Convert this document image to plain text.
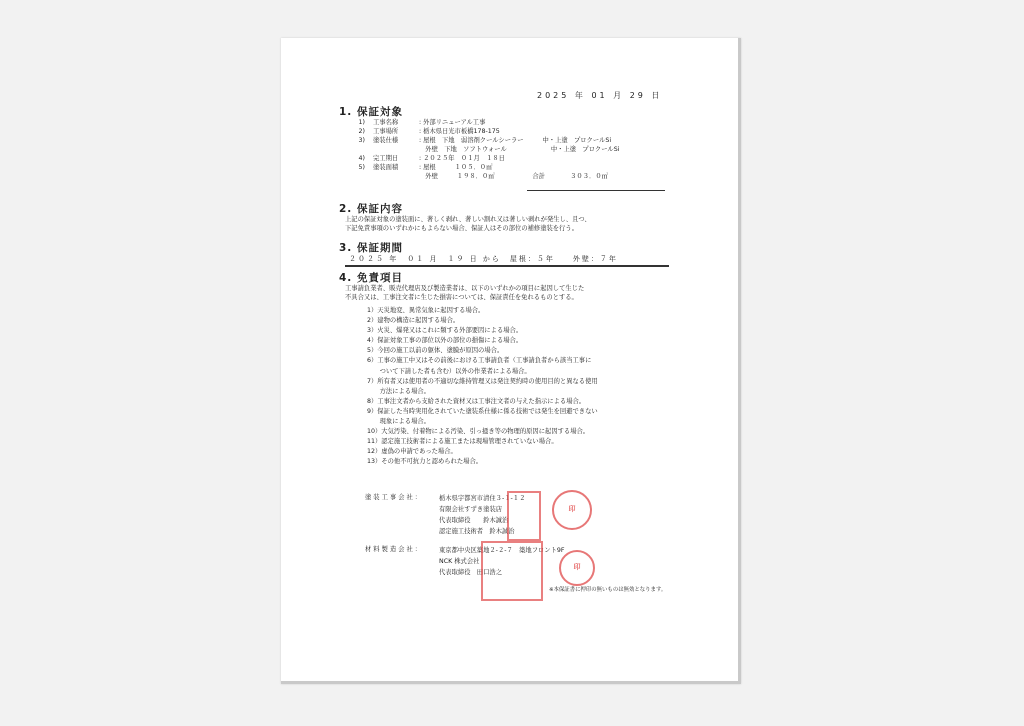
2025 年 01 月 29 日
1. 保証対象
1) 工事名称	: 外部リニューアル工事
2) 工事場所	: 栃木県日光市板橋178-175
3) 塗装仕様	: 屋根　下地　弱溶剤クールシーラー　　　中・上塗　プロクールSi
　外壁　下地　ソフトウォール　　　　　　　中・上塗　プロクールSi
4) 完工期日	: ２０２５年　０１月　１８日
5) 塗装面積	: 屋根　　　１０５．０㎡
　外壁　　　１９８．０㎡　　　　　　合計　　　　３０３．０㎡
2. 保証内容
上記の保証対象の塗装面に、著しく剥れ、著しい割れ又は著しい剥れが発生し、且つ、
下記免責事項のいずれかにもよらない場合、保証人はその部位の補修塗装を行う。
3. 保証期間
２０２５ 年　０１ 月　１９ 日 から　屋根：５年　　外壁：７年
4. 免責項目
工事請負業者、販売代理店及び製造業者は、以下のいずれかの項目に起因して生じた
不具合又は、工事注文者に生じた損害については、保証責任を免れるものとする。
1）天災地変、異常気象に起因する場合。
2）建物の構造に起因する場合。
3）火災、爆発又はこれに類する外部要因による場合。
4）保証対象工事の部位以外の部位の損傷による場合。
5）今回の施工以前の躯体、塗膜が原因の場合。
6）工事の施工中又はその前後における工事請負者（工事請負者から該当工事に
　　ついて下請した者も含む）以外の作業者による場合。
7）所有者又は使用者の不適切な維持管理又は発注契約時の使用目的と異なる使用
　　方法による場合。
8）工事注文者から支給された資材又は工事注文者の与えた指示による場合。
9）保証した当時実用化されていた塗装系仕様に係る技術では発生を回避できない
　　現象による場合。
10）大気汚染、付着物による汚染、引っ掻き等の物理的原因に起因する場合。
11）認定施工技術者による施工または現場管理されていない場合。
12）虚偽の申請であった場合。
13）その他不可抗力と認められた場合。
塗 装 工 事 会 社 ：	栃木県宇都宮市清住３-１-１２
有限会社すずき塗装店
代表取締役　　鈴木誠治
認定施工技術者　鈴木誠治
印
材 料 製 造 会 社 ：	東京都中央区築地２-２-７　築地フロント9F
NCK 株式会社
代表取締役　田口浩之
印
※本保証書に押印の無いものは無効となります。
